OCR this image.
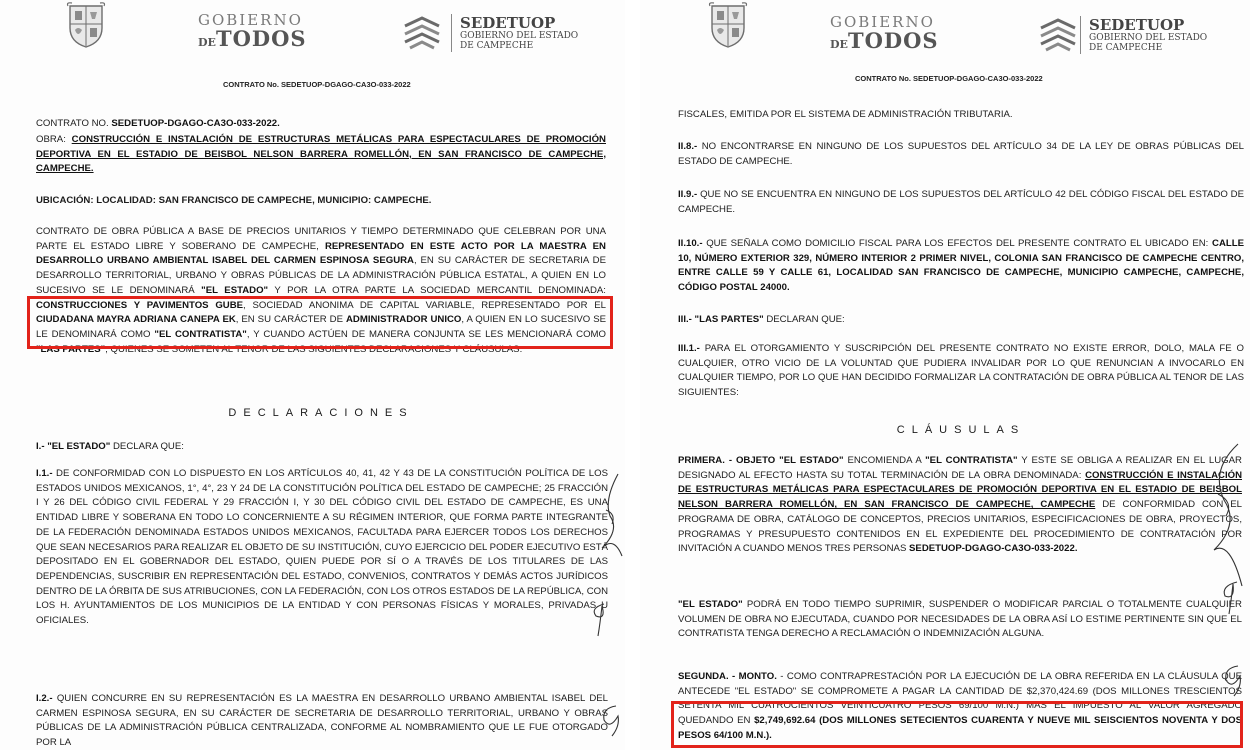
GOBIERNO
DETODOS
SEDETUOP
GOBIERNO DEL ESTADO
DE CAMPECHE
CONTRATO No. SEDETUOP-DGAGO-CA3O-033-2022
CONTRATO NO. SEDETUOP-DGAGO-CA3O-033-2022.
OBRA: CONSTRUCCIÓN E INSTALACIÓN DE ESTRUCTURAS METÁLICAS PARA ESPECTACULARES DE PROMOCIÓN DEPORTIVA EN EL ESTADIO DE BEISBOL NELSON BARRERA ROMELLÓN, EN SAN FRANCISCO DE CAMPECHE, CAMPECHE.
UBICACIÓN: LOCALIDAD: SAN FRANCISCO DE CAMPECHE, MUNICIPIO: CAMPECHE.
CONTRATO DE OBRA PÚBLICA A BASE DE PRECIOS UNITARIOS Y TIEMPO DETERMINADO QUE CELEBRAN POR UNA PARTE EL ESTADO LIBRE Y SOBERANO DE CAMPECHE, REPRESENTADO EN ESTE ACTO POR LA MAESTRA EN DESARROLLO URBANO AMBIENTAL ISABEL DEL CARMEN ESPINOSA SEGURA, EN SU CARÁCTER DE SECRETARIA DE DESARROLLO TERRITORIAL, URBANO Y OBRAS PÚBLICAS DE LA ADMINISTRACIÓN PÚBLICA ESTATAL, A QUIEN EN LO SUCESIVO SE LE DENOMINARÁ "EL ESTADO" Y POR LA OTRA PARTE LA SOCIEDAD MERCANTIL DENOMINADA: CONSTRUCCIONES Y PAVIMENTOS GUBE, SOCIEDAD ANONIMA DE CAPITAL VARIABLE, REPRESENTADO POR EL CIUDADANA MAYRA ADRIANA CANEPA EK, EN SU CARÁCTER DE ADMINISTRADOR UNICO, A QUIEN EN LO SUCESIVO SE LE DENOMINARÁ COMO "EL CONTRATISTA", Y CUANDO ACTÚEN DE MANERA CONJUNTA SE LES MENCIONARÁ COMO "LAS PARTES", QUIENES SE SOMETEN AL TENOR DE LAS SIGUIENTES DECLARACIONES Y CLÁUSULAS.
DECLARACIONES
I.- "EL ESTADO" DECLARA QUE:
I.1.- DE CONFORMIDAD CON LO DISPUESTO EN LOS ARTÍCULOS 40, 41, 42 Y 43 DE LA CONSTITUCIÓN POLÍTICA DE LOS ESTADOS UNIDOS MEXICANOS, 1°, 4°, 23 Y 24 DE LA CONSTITUCIÓN POLÍTICA DEL ESTADO DE CAMPECHE; 25 FRACCIÓN I Y 26 DEL CÓDIGO CIVIL FEDERAL Y 29 FRACCIÓN I, Y 30 DEL CÓDIGO CIVIL DEL ESTADO DE CAMPECHE, ES UNA ENTIDAD LIBRE Y SOBERANA EN TODO LO CONCERNIENTE A SU RÉGIMEN INTERIOR, QUE FORMA PARTE INTEGRANTE DE LA FEDERACIÓN DENOMINADA ESTADOS UNIDOS MEXICANOS, FACULTADA PARA EJERCER TODOS LOS DERECHOS QUE SEAN NECESARIOS PARA REALIZAR EL OBJETO DE SU INSTITUCIÓN, CUYO EJERCICIO DEL PODER EJECUTIVO ESTÁ DEPOSITADO EN EL GOBERNADOR DEL ESTADO, QUIEN PUEDE POR SÍ O A TRAVÉS DE LOS TITULARES DE LAS DEPENDENCIAS, SUSCRIBIR EN REPRESENTACIÓN DEL ESTADO, CONVENIOS, CONTRATOS Y DEMÁS ACTOS JURÍDICOS DENTRO DE LA ÓRBITA DE SUS ATRIBUCIONES, CON LA FEDERACIÓN, CON LOS OTROS ESTADOS DE LA REPÚBLICA, CON LOS H. AYUNTAMIENTOS DE LOS MUNICIPIOS DE LA ENTIDAD Y CON PERSONAS FÍSICAS Y MORALES, PRIVADAS U OFICIALES.
I.2.- QUIEN CONCURRE EN SU REPRESENTACIÓN ES LA MAESTRA EN DESARROLLO URBANO AMBIENTAL ISABEL DEL CARMEN ESPINOSA SEGURA, EN SU CARÁCTER DE SECRETARIA DE DESARROLLO TERRITORIAL, URBANO Y OBRAS PÚBLICAS DE LA ADMINISTRACIÓN PÚBLICA CENTRALIZADA, CONFORME AL NOMBRAMIENTO QUE LE FUE OTORGADO POR LA
GOBIERNO
DETODOS
SEDETUOP
GOBIERNO DEL ESTADO
DE CAMPECHE
CONTRATO No. SEDETUOP-DGAGO-CA3O-033-2022
FISCALES, EMITIDA POR EL SISTEMA DE ADMINISTRACIÓN TRIBUTARIA.
II.8.- NO ENCONTRARSE EN NINGUNO DE LOS SUPUESTOS DEL ARTÍCULO 34 DE LA LEY DE OBRAS PÚBLICAS DEL ESTADO DE CAMPECHE.
II.9.- QUE NO SE ENCUENTRA EN NINGUNO DE LOS SUPUESTOS DEL ARTÍCULO 42 DEL CÓDIGO FISCAL DEL ESTADO DE CAMPECHE.
II.10.- QUE SEÑALA COMO DOMICILIO FISCAL PARA LOS EFECTOS DEL PRESENTE CONTRATO EL UBICADO EN: CALLE 10, NÚMERO EXTERIOR 329, NÚMERO INTERIOR 2 PRIMER NIVEL, COLONIA SAN FRANCISCO DE CAMPECHE CENTRO, ENTRE CALLE 59 Y CALLE 61, LOCALIDAD SAN FRANCISCO DE CAMPECHE, MUNICIPIO CAMPECHE, CAMPECHE, CÓDIGO POSTAL 24000.
III.- "LAS PARTES" DECLARAN QUE:
III.1.- PARA EL OTORGAMIENTO Y SUSCRIPCIÓN DEL PRESENTE CONTRATO NO EXISTE ERROR, DOLO, MALA FE O CUALQUIER, OTRO VICIO DE LA VOLUNTAD QUE PUDIERA INVALIDAR POR LO QUE RENUNCIAN A INVOCARLO EN CUALQUIER TIEMPO, POR LO QUE HAN DECIDIDO FORMALIZAR LA CONTRATACIÓN DE OBRA PÚBLICA AL TENOR DE LAS SIGUIENTES:
CLÁUSULAS
PRIMERA. - OBJETO "EL ESTADO" ENCOMIENDA A "EL CONTRATISTA" Y ESTE SE OBLIGA A REALIZAR EN EL LUGAR DESIGNADO AL EFECTO HASTA SU TOTAL TERMINACIÓN DE LA OBRA DENOMINADA: CONSTRUCCIÓN E INSTALACIÓN DE ESTRUCTURAS METÁLICAS PARA ESPECTACULARES DE PROMOCIÓN DEPORTIVA EN EL ESTADIO DE BEISBOL NELSON BARRERA ROMELLÓN, EN SAN FRANCISCO DE CAMPECHE, CAMPECHE DE CONFORMIDAD CON EL PROGRAMA DE OBRA, CATÁLOGO DE CONCEPTOS, PRECIOS UNITARIOS, ESPECIFICACIONES DE OBRA, PROYECTOS, PROGRAMAS Y PRESUPUESTO CONTENIDOS EN EL EXPEDIENTE DEL PROCEDIMIENTO DE CONTRATACIÓN POR INVITACIÓN A CUANDO MENOS TRES PERSONAS SEDETUOP-DGAGO-CA3O-033-2022.
"EL ESTADO" PODRÁ EN TODO TIEMPO SUPRIMIR, SUSPENDER O MODIFICAR PARCIAL O TOTALMENTE CUALQUIER VOLUMEN DE OBRA NO EJECUTADA, CUANDO POR NECESIDADES DE LA OBRA ASÍ LO ESTIME PERTINENTE SIN QUE EL CONTRATISTA TENGA DERECHO A RECLAMACIÓN O INDEMNIZACIÓN ALGUNA.
SEGUNDA. - MONTO. - COMO CONTRAPRESTACIÓN POR LA EJECUCIÓN DE LA OBRA REFERIDA EN LA CLÁUSULA QUE ANTECEDE "EL ESTADO" SE COMPROMETE A PAGAR LA CANTIDAD DE $2,370,424.69 (DOS MILLONES TRESCIENTOS SETENTA MIL CUATROCIENTOS VEINTICUATRO PESOS 69/100 M.N.) MAS EL IMPUESTO AL VALOR AGREGADO QUEDANDO EN $2,749,692.64 (DOS MILLONES SETECIENTOS CUARENTA Y NUEVE MIL SEISCIENTOS NOVENTA Y DOS PESOS 64/100 M.N.).
